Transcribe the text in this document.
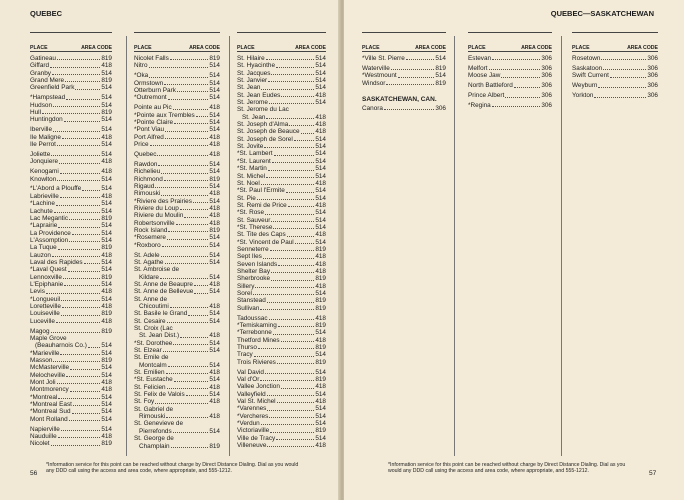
QUEBEC
PLACE	AREA CODE
Gatineau	819
Giffard	418
Granby	514
Grand Mere	819
Greenfield Park	514
*Hampstead	514
Hudson	514
Hull	819
Huntingdon	514
Iberville	514
Ile Maligne	418
Ile Perrot	514
Joliette	514
Jonquiere	418
Kenogami	418
Knowlton	514
*L'Abord a Plouffe	514
Labrieville	418
*Lachine	514
Lachute	514
Lac Megantic	819
*Laprairie	514
La Providence	514
L'Assomption	514
La Tuque	819
Lauzon	418
Laval des Rapides	514
*Laval Quest	514
Lennoxville	819
L'Epiphanie	514
Levis	418
*Longueuil	514
Loretteville	418
Louiseville	819
Luceville	418
Magog	819
Maple Grove
(Beauharnois Co.) 514
*Marieville	514
Masson	819
McMasterville	514
Melocheville	514
Mont Joli	418
Montmorency	418
*Montreal	514
*Montreal East	514
*Montreal Sud	514
Mont Rolland	514
Napierville	514
Nauduille	418
Nicolet	819
PLACE	AREA CODE
Nicolet Falls	819
Nitro	514
*Oka	514
Ormstown	514
Otterburn Park	514
*Outremont	514
Pointe au Pic	418
*Pointe aux Trembles 514
*Pointe Claire	514
*Pont Viau	514
Port Alfred	418
Price	418
Quebec	418
Rawdon	514
Richelieu	514
Richmond	819
Rigaud	514
Rimouski	418
*Riviere des Prairies	514
Riviere du Loup	418
Riviere du Moulin	418
Robertsonville	418
Rock Island	819
*Rosemere	514
*Roxboro	514
St. Adele	514
St. Agathe	514
St. Ambroise de
Kildare	514
St. Anne de Beaupre	418
St. Anne de Bellevue 514
St. Anne de
Chicoutimi	418
St. Basile le Grand	514
St. Cesaire	514
St. Croix (Lac
St. Jean Dist.)	418
*St. Dorothee	514
St. Elzear	514
St. Emile de
Montcalm	514
St. Emilien	418
*St. Eustache	514
St. Felicien	418
St. Felix de Valois	514
St. Foy	418
St. Gabriel de
Rimouski	418
St. Genevieve de
Pierrefonds	514
St. George de
Champlain	819
PLACE	AREA CODE
St. Hilaire	514
St. Hyacinthe	514
St. Jacques	514
St. Janvier	514
St. Jean	514
St. Jean Eudes	418
St. Jerome	514
St. Jerome du Lac
St. Jean	418
St. Joseph d'Alma	418
St. Joseph de Beauce 418
St. Joseph de Sorel	514
St. Jovite	514
*St. Lambert	514
*St. Laurent	514
*St. Martin	514
St. Michel	514
St. Noel	418
*St. Paul l'Ermite	514
St. Pie	514
St. Remi de Price	418
*St. Rose	514
St. Sauveur	514
*St. Therese	514
St. Tite des Caps	418
*St. Vincent de Paul	514
Senneterre	819
Sept Iles	418
Seven Islands	418
Shelter Bay	418
Sherbrooke	819
Sillery	418
Sorel	514
Stanstead	819
Sullivan	819
Tadoussac	418
*Temiskaming	819
*Terrebonne	514
Thetford Mines	418
Thurso	819
Tracy	514
Trois Rivieres	819
Val David	514
Val d'Or	819
Vallee Jonction	418
Valleyfield	514
Val St. Michel	418
*Varennes	514
*Vercheres	514
*Verdun	514
Victoriaville	819
Ville de Tracy	514
Villeneuve	418
56
*Information service for this point can be reached without charge by Direct Distance Dialing. Dial as you would any DDD call using the access and area code, where appropriate, and 555-1212.
QUEBEC—SASKATCHEWAN
PLACE	AREA CODE
*Ville St. Pierre	514
Waterville	819
*Westmount	514
Windsor	819
SASKATCHEWAN, CAN.
Canora	306
PLACE	AREA CODE
Estevan	306
Melfort	306
Moose Jaw	306
North Battleford	306
Prince Albert	306
*Regina	306
PLACE	AREA CODE
Rosetown	306
Saskatoon	306
Swift Current	306
Weyburn	306
Yorkton	306
*Information service for this point can be reached without charge by Direct Distance Dialing. Dial as you would any DDD call using the access and area code, where appropriate, and 555-1212.	57
